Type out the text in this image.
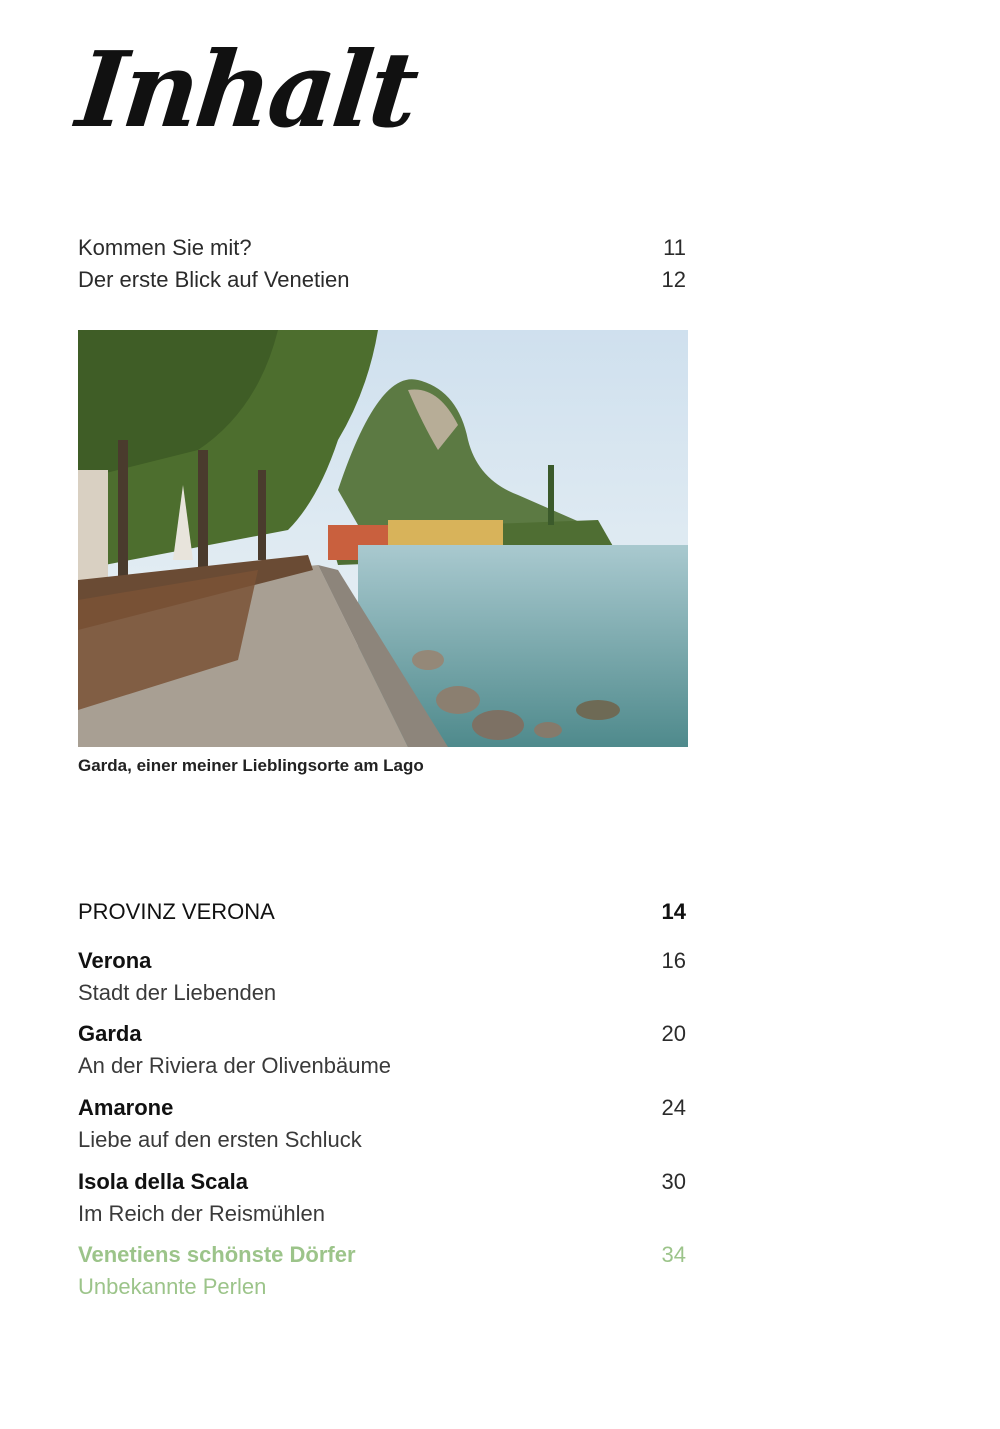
Inhalt
Kommen Sie mit?	11
Der erste Blick auf Venetien	12
Garda, einer meiner Lieblingsorte am Lago
PROVINZ VERONA	14
Verona	16
Stadt der Liebenden
Garda	20
An der Riviera der Olivenbäume
Amarone	24
Liebe auf den ersten Schluck
Isola della Scala	30
Im Reich der Reismühlen
Venetiens schönste Dörfer	34
Unbekannte Perlen
